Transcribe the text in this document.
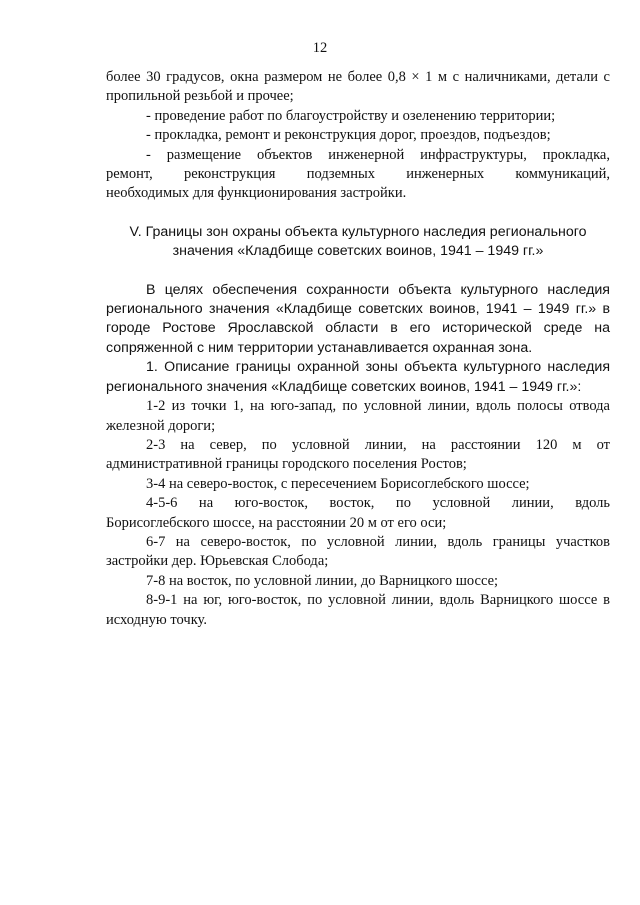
12

более 30 градусов, окна размером не более 0,8 × 1 м с наличниками, детали с

пропильной резьбой и прочее;

- проведение работ по благоустройству и озеленению территории;

- прокладка, ремонт и реконструкция дорог, проездов, подъездов;

- размещение объектов инженерной инфраструктуры, прокладка,

ремонт, реконструкция подземных инженерных коммуникаций,

необходимых для функционирования застройки.

V. Границы зон охраны объекта культурного наследия регионального
значения «Кладбище советских воинов, 1941 – 1949 гг.»

В целях обеспечения сохранности объекта культурного наследия

регионального значения «Кладбище советских воинов, 1941 – 1949 гг.» в

городе Ростове Ярославской области в его исторической среде на

сопряженной с ним территории устанавливается охранная зона.

1. Описание границы охранной зоны объекта культурного наследия

регионального значения «Кладбище советских воинов, 1941 – 1949 гг.»:

1-2 из точки 1, на юго-запад, по условной линии, вдоль полосы отвода

железной дороги;

2-3 на север, по условной линии, на расстоянии 120 м от

административной границы городского поселения Ростов;

3-4 на северо-восток, с пересечением Борисоглебского шоссе;

4-5-6 на юго-восток, восток, по условной линии, вдоль

Борисоглебского шоссе, на расстоянии 20 м от его оси;

6-7 на северо-восток, по условной линии, вдоль границы участков

застройки дер. Юрьевская Слобода;

7-8 на восток, по условной линии, до Варницкого шоссе;

8-9-1 на юг, юго-восток, по условной линии, вдоль Варницкого шоссе в

исходную точку.
